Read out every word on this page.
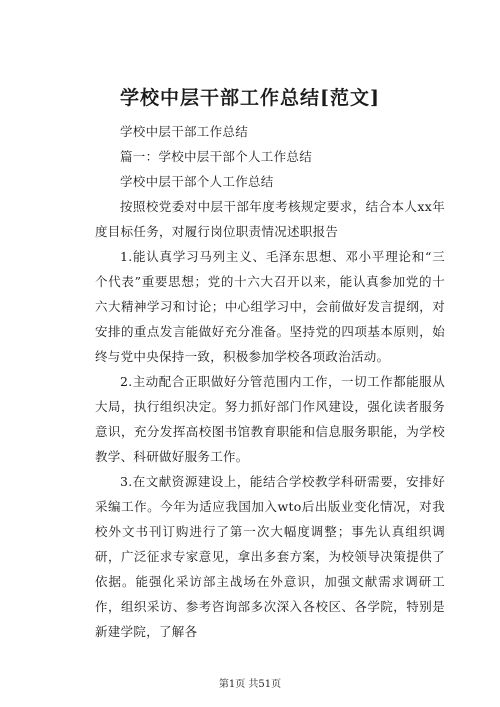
学校中层干部工作总结[范文]

学校中层干部工作总结

篇一：学校中层干部个人工作总结

学校中层干部个人工作总结

按照校党委对中层干部年度考核规定要求，结合本人xx年度目标任务，对履行岗位职责情况述职报告

1.能认真学习马列主义、毛泽东思想、邓小平理论和“三个代表”重要思想；党的十六大召开以来，能认真参加党的十六大精神学习和讨论；中心组学习中，会前做好发言提纲，对安排的重点发言能做好充分准备。坚持党的四项基本原则，始终与党中央保持一致，积极参加学校各项政治活动。

2.主动配合正职做好分管范围内工作，一切工作都能服从大局，执行组织决定。努力抓好部门作风建设，强化读者服务意识，充分发挥高校图书馆教育职能和信息服务职能，为学校教学、科研做好服务工作。

3.在文献资源建设上，能结合学校教学科研需要，安排好采编工作。今年为适应我国加入wto后出版业变化情况，对我校外文书刊订购进行了第一次大幅度调整；事先认真组织调研，广泛征求专家意见，拿出多套方案，为校领导决策提供了依据。能强化采访部主战场在外意识，加强文献需求调研工作，组织采访、参考咨询部多次深入各校区、各学院，特别是新建学院，了解各

第1页 共51页
